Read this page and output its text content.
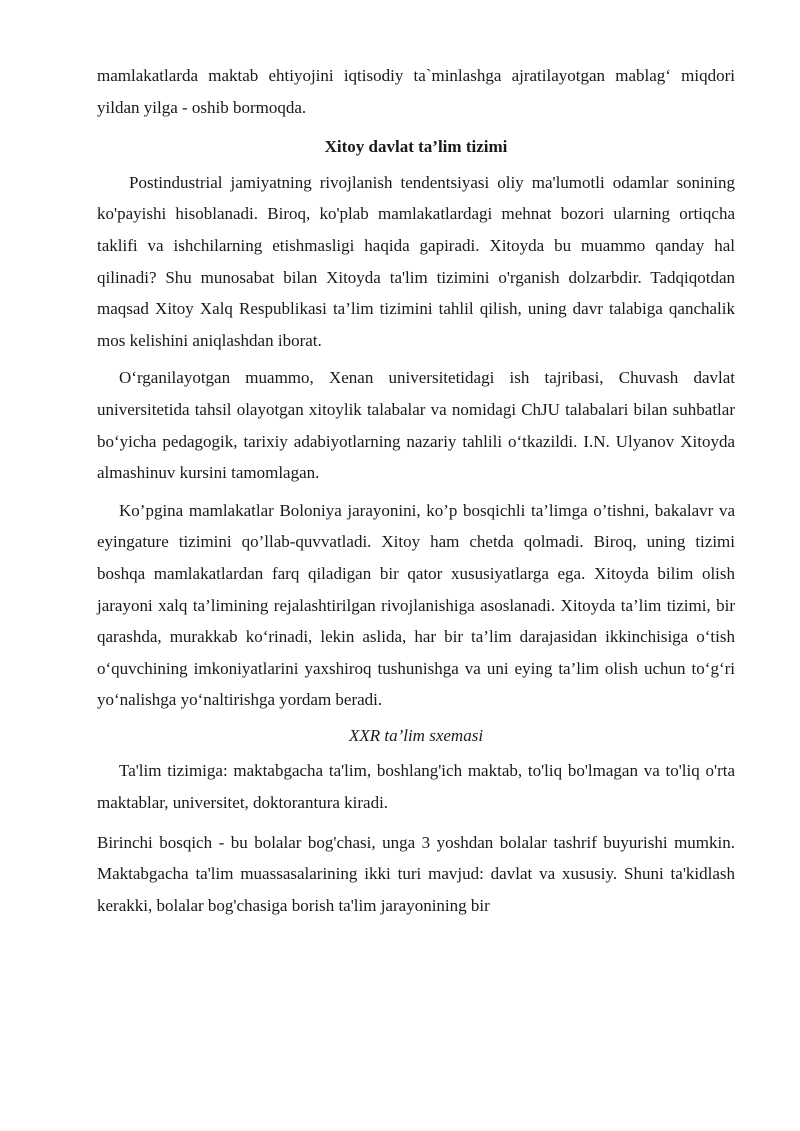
mamlakatlarda maktab ehtiyojini iqtisodiy ta`minlashga ajratilayotgan mablag‘ miqdori yildan yilga - oshib bormoqda.

Xitoy davlat ta’lim tizimi

Postindustrial jamiyatning rivojlanish tendentsiyasi oliy ma'lumotli odamlar sonining ko'payishi hisoblanadi. Biroq, ko'plab mamlakatlardagi mehnat bozori ularning ortiqcha taklifi va ishchilarning etishmasligi haqida gapiradi. Xitoyda bu muammo qanday hal qilinadi? Shu munosabat bilan Xitoyda ta'lim tizimini o'rganish dolzarbdir. Tadqiqotdan maqsad Xitoy Xalq Respublikasi ta’lim tizimini tahlil qilish, uning davr talabiga qanchalik mos kelishini aniqlashdan iborat.

O‘rganilayotgan muammo, Xenan universitetidagi ish tajribasi, Chuvash davlat universitetida tahsil olayotgan xitoylik talabalar va nomidagi ChJU talabalari bilan suhbatlar bo‘yicha pedagogik, tarixiy adabiyotlarning nazariy tahlili o‘tkazildi. I.N. Ulyanov Xitoyda almashinuv kursini tamomlagan.

Ko’pgina mamlakatlar Boloniya jarayonini, ko’p bosqichli ta’limga o’tishni, bakalavr va eyingature tizimini qo’llab-quvvatladi. Xitoy ham chetda qolmadi. Biroq, uning tizimi boshqa mamlakatlardan farq qiladigan bir qator xususiyatlarga ega. Xitoyda bilim olish jarayoni xalq ta’limining rejalashtirilgan rivojlanishiga asoslanadi. Xitoyda ta’lim tizimi, bir qarashda, murakkab ko‘rinadi, lekin aslida, har bir ta’lim darajasidan ikkinchisiga o‘tish o‘quvchining imkoniyatlarini yaxshiroq tushunishga va uni eying ta’lim olish uchun to‘g‘ri yo‘nalishga yo‘naltirishga yordam beradi.

XXR ta’lim sxemasi

Ta'lim tizimiga: maktabgacha ta'lim, boshlang'ich maktab, to'liq bo'lmagan va to'liq o'rta maktablar, universitet, doktorantura kiradi.

Birinchi bosqich - bu bolalar bog'chasi, unga 3 yoshdan bolalar tashrif buyurishi mumkin. Maktabgacha ta'lim muassasalarining ikki turi mavjud: davlat va xususiy. Shuni ta'kidlash kerakki, bolalar bog'chasiga borish ta'lim jarayonining bir
